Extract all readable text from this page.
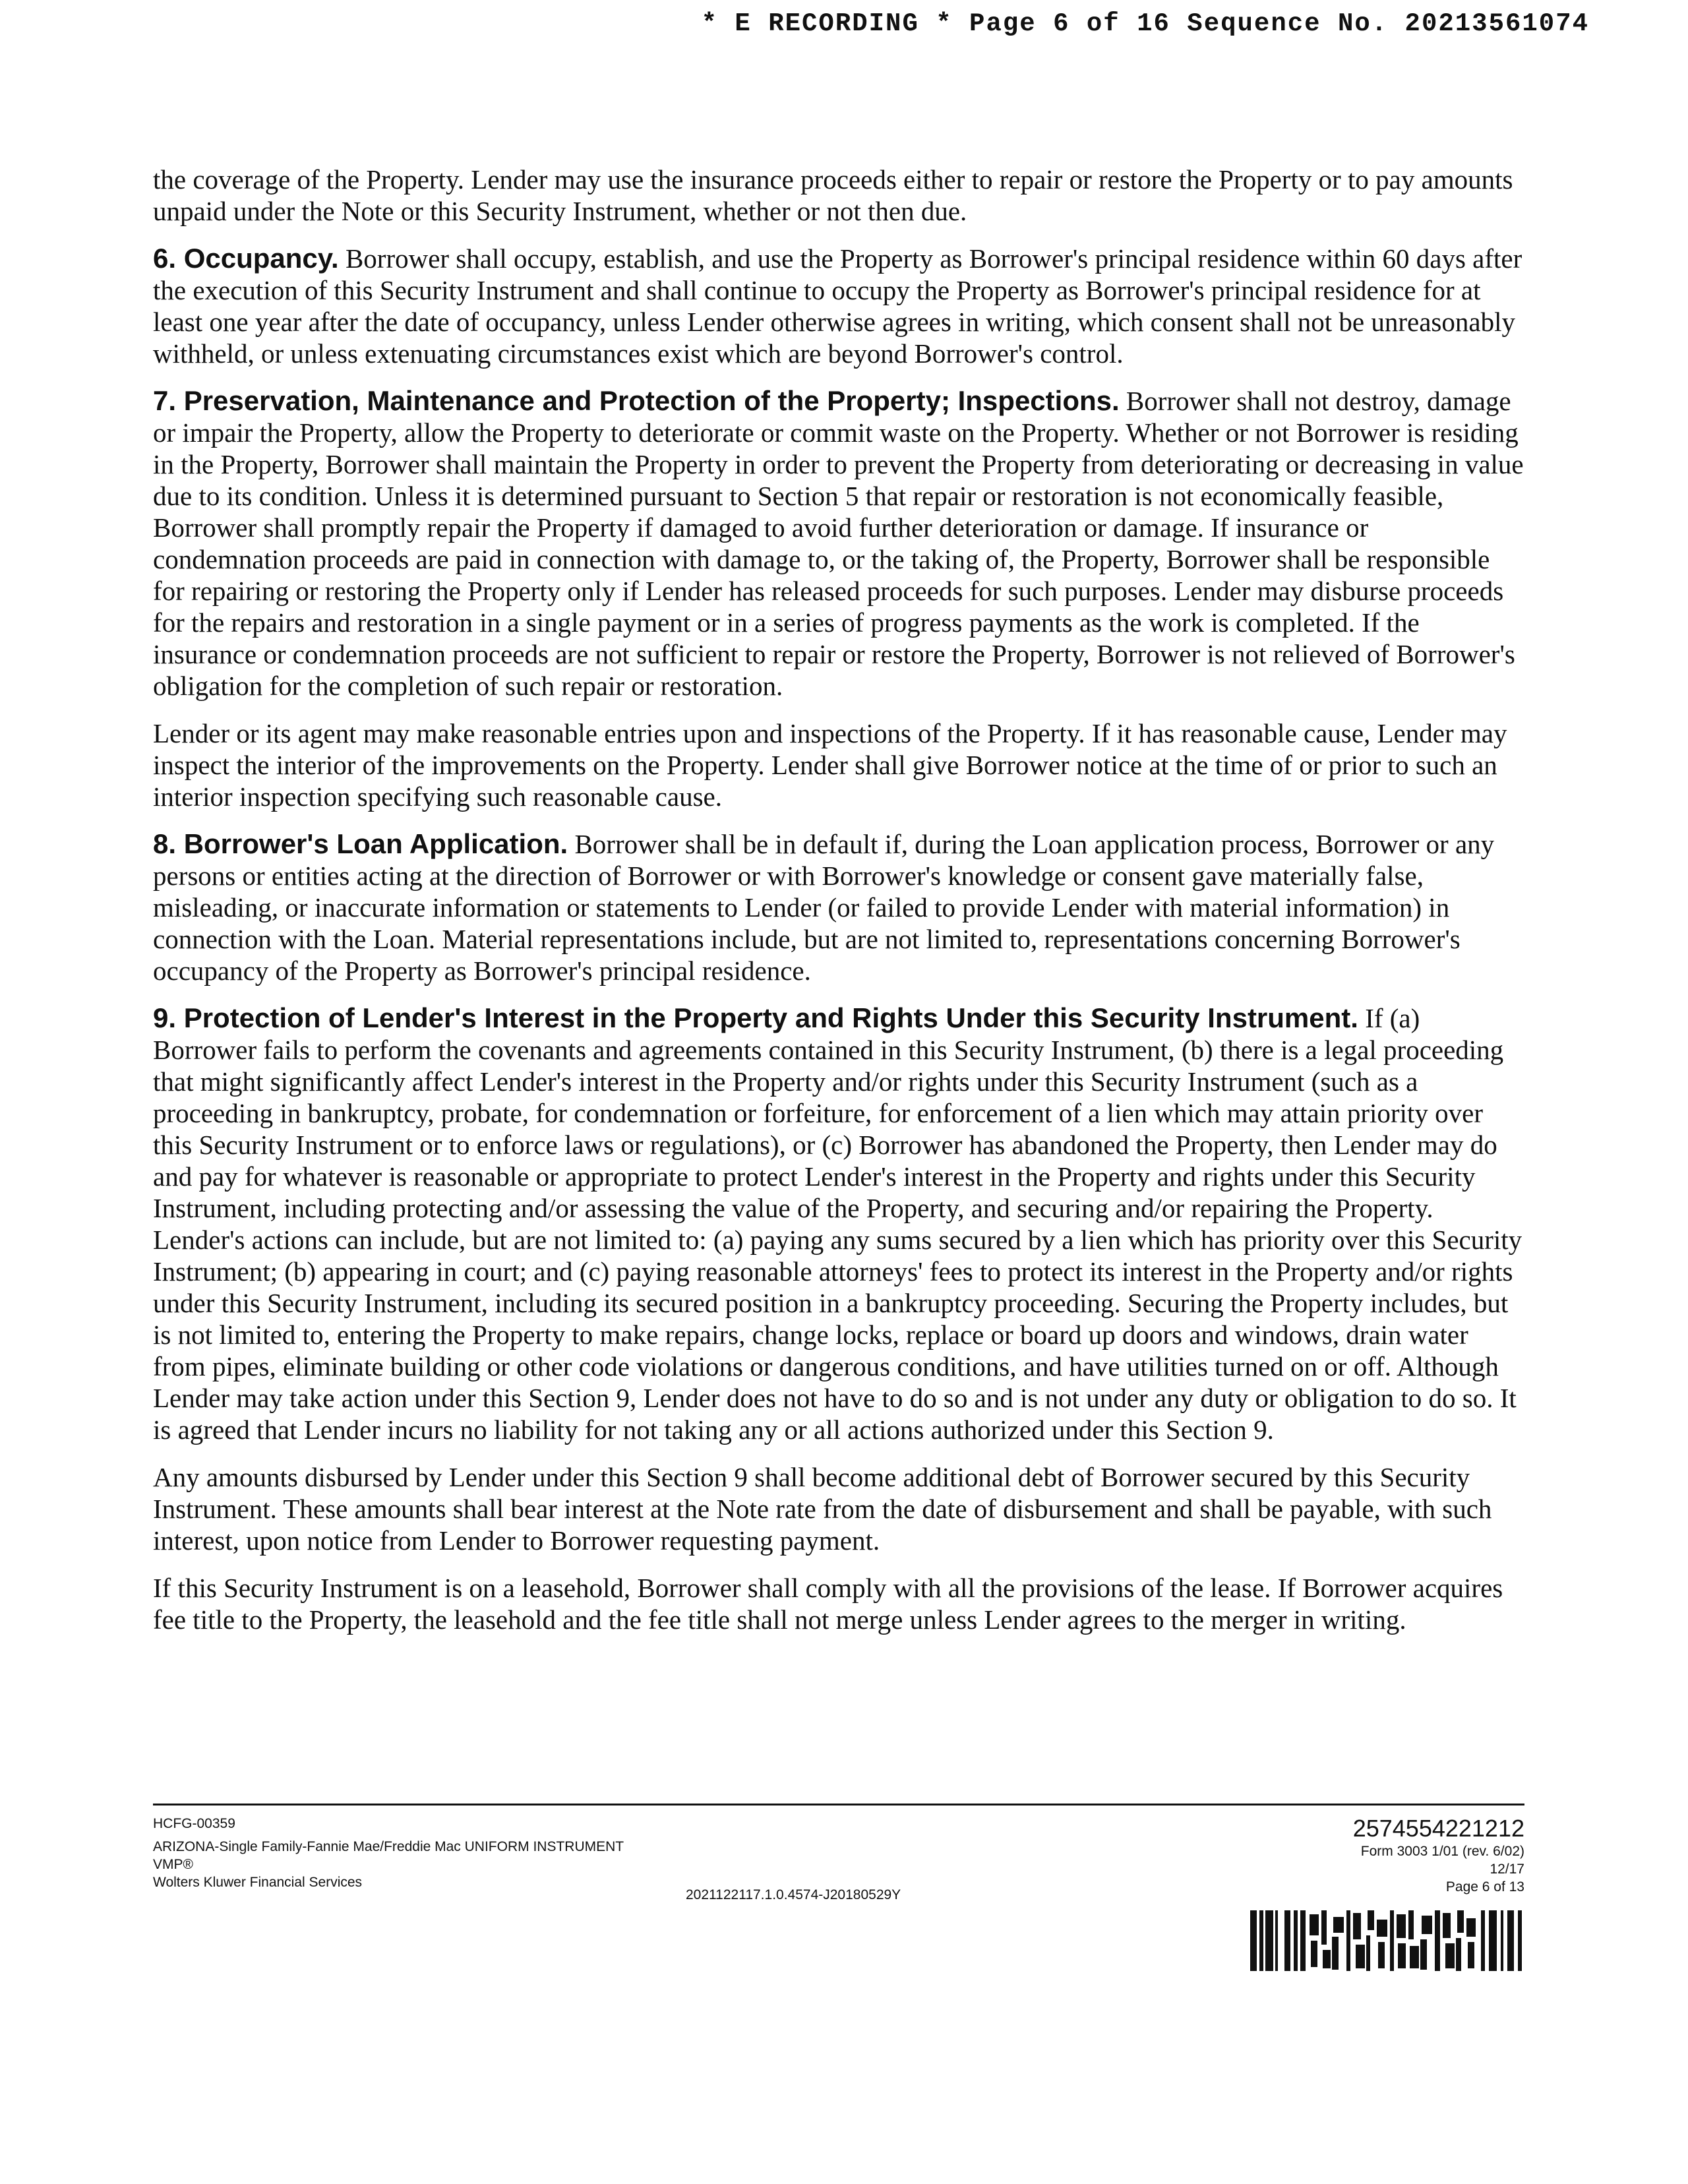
* E RECORDING * Page 6 of 16 Sequence No. 20213561074

the coverage of the Property. Lender may use the insurance proceeds either to repair or restore the Property or to pay amounts unpaid under the Note or this Security Instrument, whether or not then due.

6. Occupancy. Borrower shall occupy, establish, and use the Property as Borrower's principal residence within 60 days after the execution of this Security Instrument and shall continue to occupy the Property as Borrower's principal residence for at least one year after the date of occupancy, unless Lender otherwise agrees in writing, which consent shall not be unreasonably withheld, or unless extenuating circumstances exist which are beyond Borrower's control.

7. Preservation, Maintenance and Protection of the Property; Inspections. Borrower shall not destroy, damage or impair the Property, allow the Property to deteriorate or commit waste on the Property. Whether or not Borrower is residing in the Property, Borrower shall maintain the Property in order to prevent the Property from deteriorating or decreasing in value due to its condition. Unless it is determined pursuant to Section 5 that repair or restoration is not economically feasible, Borrower shall promptly repair the Property if damaged to avoid further deterioration or damage. If insurance or condemnation proceeds are paid in connection with damage to, or the taking of, the Property, Borrower shall be responsible for repairing or restoring the Property only if Lender has released proceeds for such purposes. Lender may disburse proceeds for the repairs and restoration in a single payment or in a series of progress payments as the work is completed. If the insurance or condemnation proceeds are not sufficient to repair or restore the Property, Borrower is not relieved of Borrower's obligation for the completion of such repair or restoration.

Lender or its agent may make reasonable entries upon and inspections of the Property. If it has reasonable cause, Lender may inspect the interior of the improvements on the Property. Lender shall give Borrower notice at the time of or prior to such an interior inspection specifying such reasonable cause.

8. Borrower's Loan Application. Borrower shall be in default if, during the Loan application process, Borrower or any persons or entities acting at the direction of Borrower or with Borrower's knowledge or consent gave materially false, misleading, or inaccurate information or statements to Lender (or failed to provide Lender with material information) in connection with the Loan. Material representations include, but are not limited to, representations concerning Borrower's occupancy of the Property as Borrower's principal residence.

9. Protection of Lender's Interest in the Property and Rights Under this Security Instrument. If (a) Borrower fails to perform the covenants and agreements contained in this Security Instrument, (b) there is a legal proceeding that might significantly affect Lender's interest in the Property and/or rights under this Security Instrument (such as a proceeding in bankruptcy, probate, for condemnation or forfeiture, for enforcement of a lien which may attain priority over this Security Instrument or to enforce laws or regulations), or (c) Borrower has abandoned the Property, then Lender may do and pay for whatever is reasonable or appropriate to protect Lender's interest in the Property and rights under this Security Instrument, including protecting and/or assessing the value of the Property, and securing and/or repairing the Property. Lender's actions can include, but are not limited to: (a) paying any sums secured by a lien which has priority over this Security Instrument; (b) appearing in court; and (c) paying reasonable attorneys' fees to protect its interest in the Property and/or rights under this Security Instrument, including its secured position in a bankruptcy proceeding. Securing the Property includes, but is not limited to, entering the Property to make repairs, change locks, replace or board up doors and windows, drain water from pipes, eliminate building or other code violations or dangerous conditions, and have utilities turned on or off. Although Lender may take action under this Section 9, Lender does not have to do so and is not under any duty or obligation to do so. It is agreed that Lender incurs no liability for not taking any or all actions authorized under this Section 9.

Any amounts disbursed by Lender under this Section 9 shall become additional debt of Borrower secured by this Security Instrument. These amounts shall bear interest at the Note rate from the date of disbursement and shall be payable, with such interest, upon notice from Lender to Borrower requesting payment.

If this Security Instrument is on a leasehold, Borrower shall comply with all the provisions of the lease. If Borrower acquires fee title to the Property, the leasehold and the fee title shall not merge unless Lender agrees to the merger in writing.

HCFG-00359
ARIZONA-Single Family-Fannie Mae/Freddie Mac UNIFORM INSTRUMENT
VMP®
Wolters Kluwer Financial Services
2021122117.1.0.4574-J20180529Y
2574554221212
Form 3003 1/01 (rev. 6/02)
12/17
Page 6 of 13
